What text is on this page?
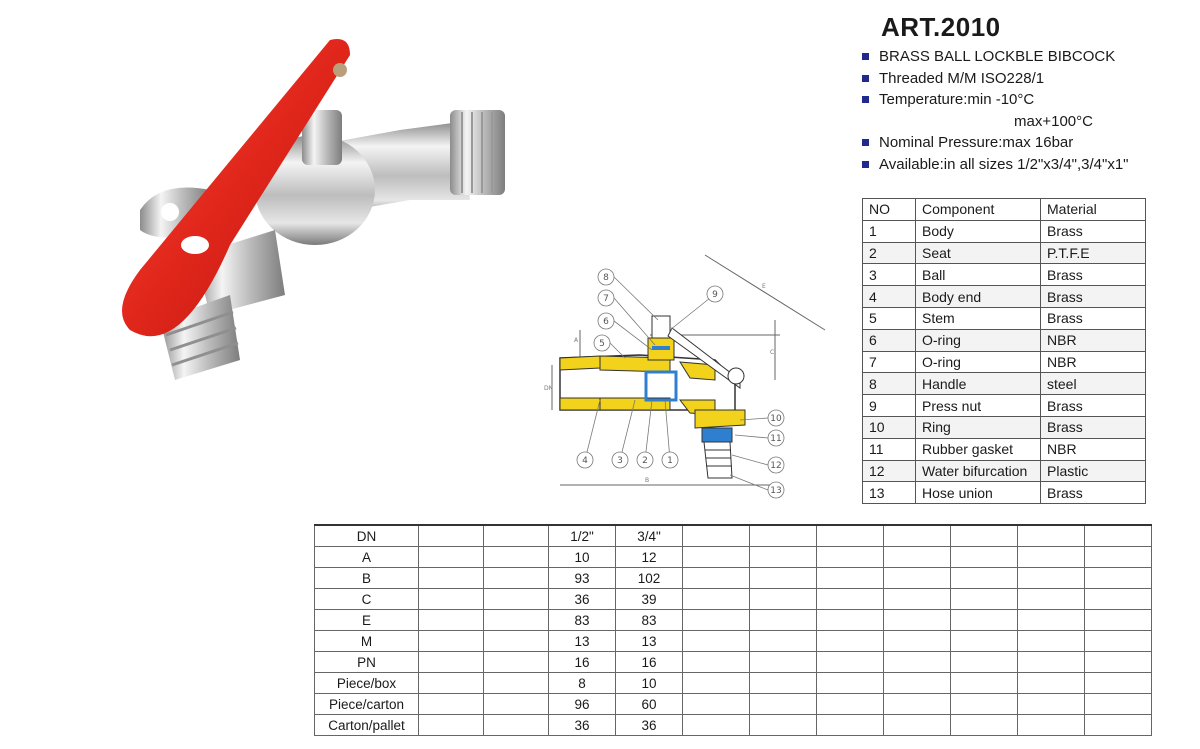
ART.2010
BRASS BALL LOCKBLE BIBCOCK
Threaded M/M ISO228/1
Temperature:min -10°C
max+100°C
Nominal Pressure:max 16bar
Available:in all sizes 1/2"x3/4",3/4"x1"
8
7
6
5
9
4	3 2 1
10
11
12
13
B
E
C
A
DN
NO	Component	Material
1	Body	Brass
2	Seat	P.T.F.E
3	Ball	Brass
4	Body end	Brass
5	Stem	Brass
6	O-ring	NBR
7	O-ring	NBR
8	Handle	steel
9	Press nut	Brass
10	Ring	Brass
11	Rubber gasket	NBR
12	Water bifurcation	Plastic
13	Hose union	Brass
DN			1/2"	3/4"							
A			10	12							
B			93	102							
C			36	39							
E			83	83							
M			13	13							
PN			16	16							
Piece/box			8	10							
Piece/carton			96	60							
Carton/pallet			36	36							
